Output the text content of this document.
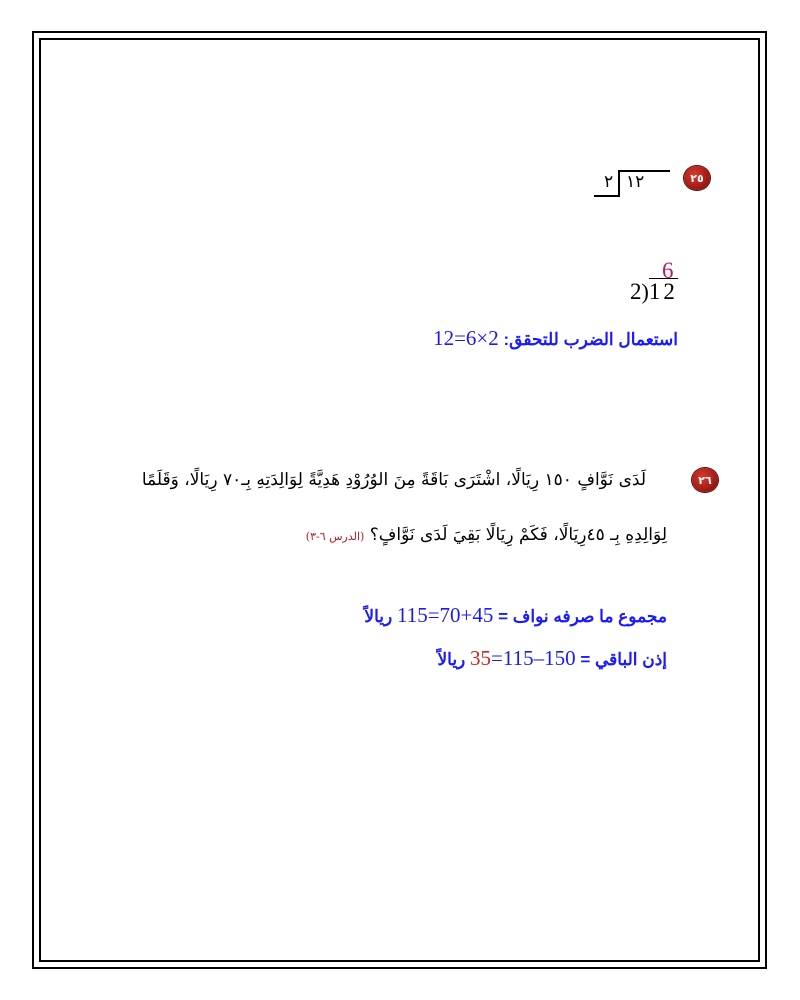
٢٥
١٢
٢
6
2)12
استعمال الضرب للتحقق: 12=6×2
٢٦
لَدَى نَوَّافٍ ١٥٠ رِيَالًا، اشْتَرَى بَاقَةً مِنَ الوُرُوْدِ هَدِيَّةً لِوَالِدَتِهِ بِـ٧٠ رِيَالًا، وَقَلَمًا
لِوَالِدِهِ بِـ ٤٥رِيَالًا، فَكَمْ رِيَالًا بَقِيَ لَدَى نَوَّافٍ؟ (الدرس ٦-٣)
مجموع ما صرفه نواف = 115=70+45 ريالاً
إذن الباقي = 35=115–150 ريالاً
